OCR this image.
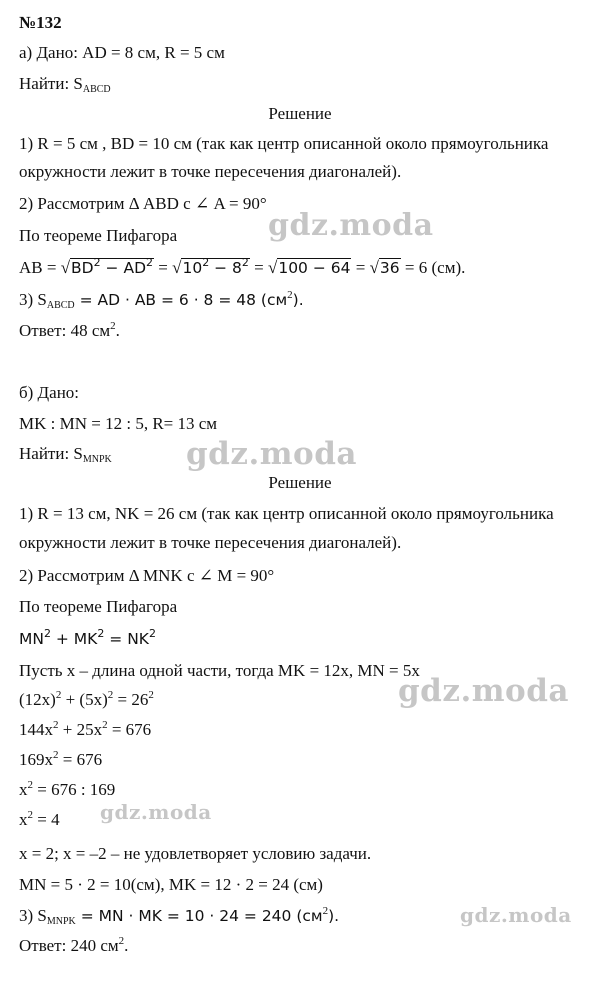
gdz.moda
gdz.moda
gdz.moda
gdz.moda
gdz.moda
№132
а) Дано: AD = 8 см, R = 5 см
Найти: $S_{ABCD}$
Решение
1) R = 5 см , BD = 10 см (так как центр описанной около прямоугольника
окружности лежит в точке пересечения диагоналей).
2) Рассмотрим Δ ABD с ∠ A = 90°
По теореме Пифагора
AB = $√BD^2 - AD^2 = √10^2 - 8^2 = √100 - 64 = √36 = 6$ (см).
3) $S_{ABCD}$ = AD · AB = 6 · 8 = 48 $(см^2)$.
Ответ: 48 $см^2$.
б) Дано:
MK : MN = 12 : 5, R= 13 см
Найти: $S_{MNPK}$
Решение
1) R = 13 см, NK = 26 см (так как центр описанной около прямоугольника
окружности лежит в точке пересечения диагоналей).
2) Рассмотрим Δ MNK с ∠ M = 90°
По теореме Пифагора
$MN^2 + MK^2 = NK^2$
Пусть х – длина одной части, тогда MK = 12x, MN = 5x
$(12x)^2 + (5x)^2 = 26^2$
$144x^2 + 25x^2 = 676$
$169x^2 = 676$
$x^2 = 676$ : 169
$x^2 = 4$
x = 2; x = –2 – не удовлетворяет условию задачи.
MN = 5 · 2 = 10(см), MK = 12 · 2 = 24 (см)
3) $S_{MNPK}$ = MN · MK = 10 · 24 = 240 $(см^2)$.
Ответ: 240 $см^2$.
